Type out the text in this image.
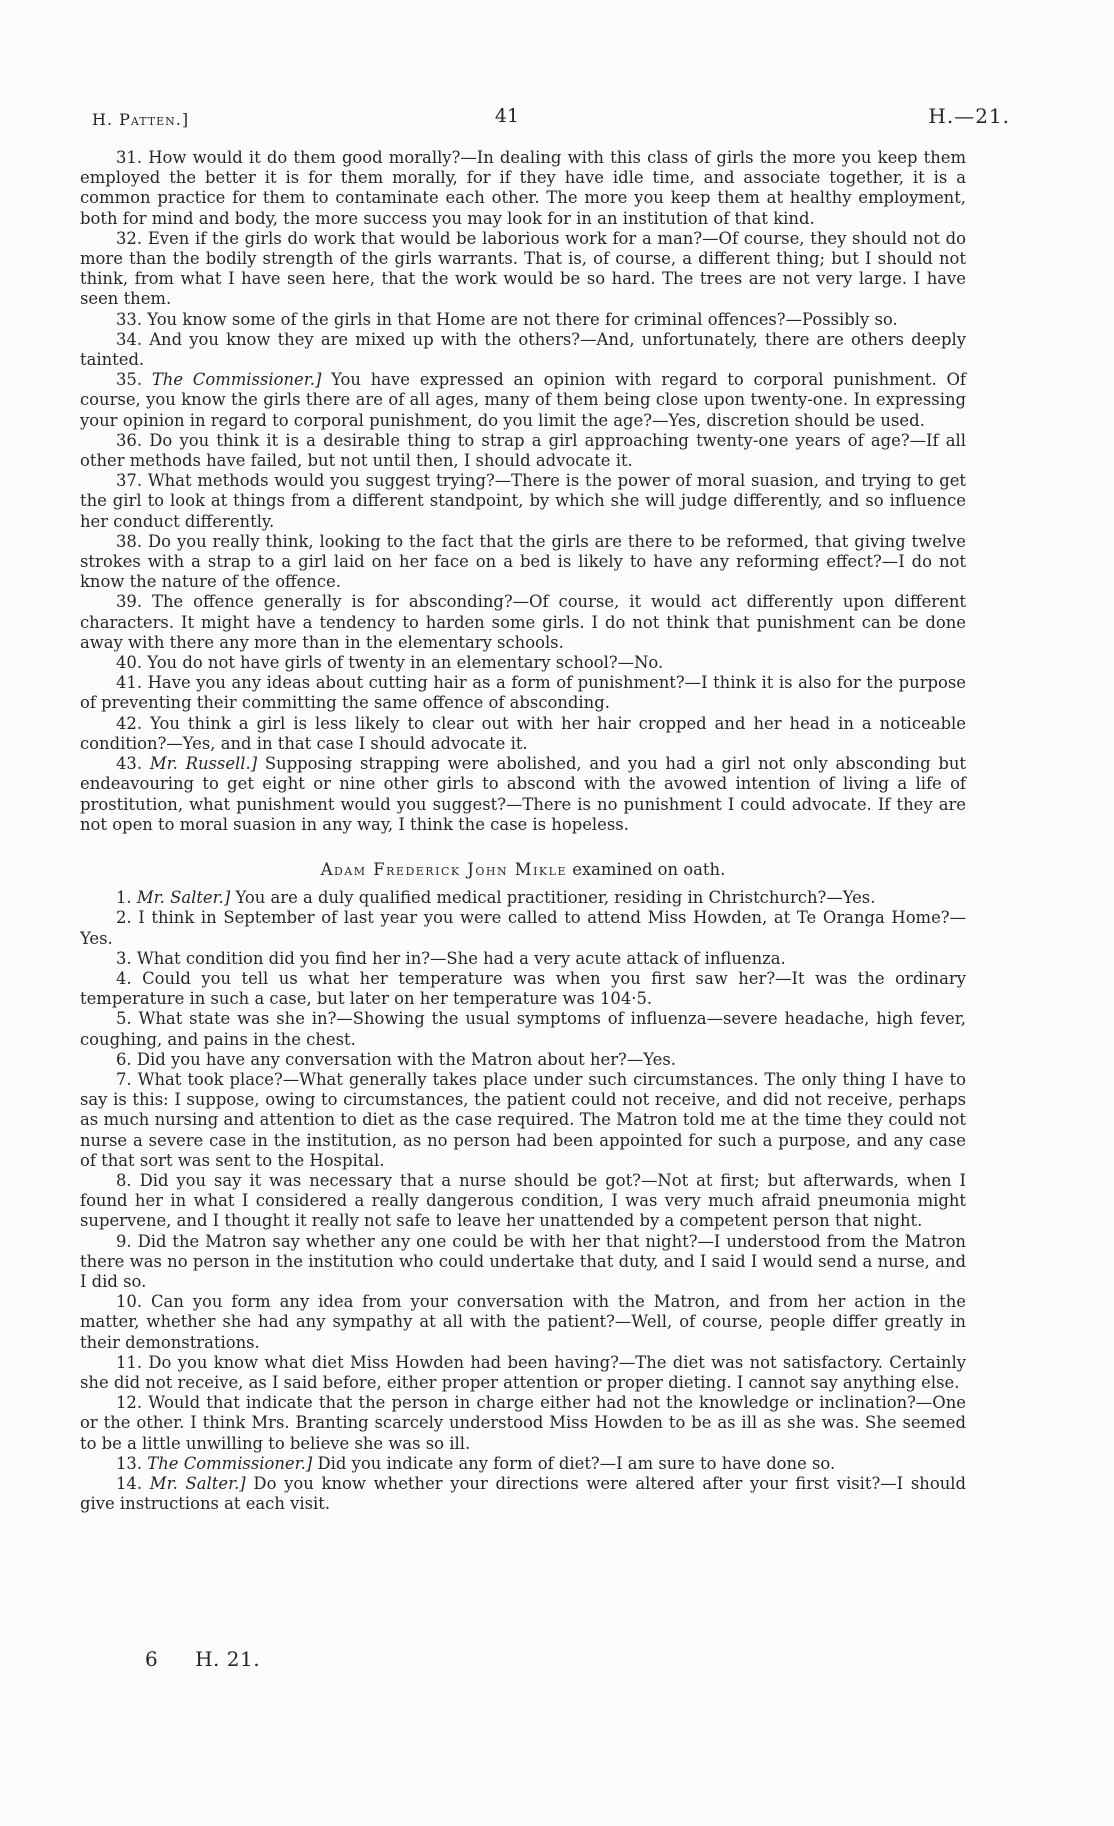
H. Patten.]	41	H.—21.

31. How would it do them good morally?—In dealing with this class of girls the more you keep them employed the better it is for them morally, for if they have idle time, and associate together, it is a common practice for them to contaminate each other. The more you keep them at healthy employment, both for mind and body, the more success you may look for in an institution of that kind.

32. Even if the girls do work that would be laborious work for a man?—Of course, they should not do more than the bodily strength of the girls warrants. That is, of course, a different thing; but I should not think, from what I have seen here, that the work would be so hard. The trees are not very large. I have seen them.

33. You know some of the girls in that Home are not there for criminal offences?—Possibly so.

34. And you know they are mixed up with the others?—And, unfortunately, there are others deeply tainted.

35. The Commissioner.] You have expressed an opinion with regard to corporal punishment. Of course, you know the girls there are of all ages, many of them being close upon twenty-one. In expressing your opinion in regard to corporal punishment, do you limit the age?—Yes, discretion should be used.

36. Do you think it is a desirable thing to strap a girl approaching twenty-one years of age?—If all other methods have failed, but not until then, I should advocate it.

37. What methods would you suggest trying?—There is the power of moral suasion, and trying to get the girl to look at things from a different standpoint, by which she will judge differently, and so influence her conduct differently.

38. Do you really think, looking to the fact that the girls are there to be reformed, that giving twelve strokes with a strap to a girl laid on her face on a bed is likely to have any reforming effect?—I do not know the nature of the offence.

39. The offence generally is for absconding?—Of course, it would act differently upon different characters. It might have a tendency to harden some girls. I do not think that punishment can be done away with there any more than in the elementary schools.

40. You do not have girls of twenty in an elementary school?—No.

41. Have you any ideas about cutting hair as a form of punishment?—I think it is also for the purpose of preventing their committing the same offence of absconding.

42. You think a girl is less likely to clear out with her hair cropped and her head in a noticeable condition?—Yes, and in that case I should advocate it.

43. Mr. Russell.] Supposing strapping were abolished, and you had a girl not only absconding but endeavouring to get eight or nine other girls to abscond with the avowed intention of living a life of prostitution, what punishment would you suggest?—There is no punishment I could advocate. If they are not open to moral suasion in any way, I think the case is hopeless.

Adam Frederick John Mikle examined on oath.

1. Mr. Salter.] You are a duly qualified medical practitioner, residing in Christchurch?—Yes.

2. I think in September of last year you were called to attend Miss Howden, at Te Oranga Home?—Yes.

3. What condition did you find her in?—She had a very acute attack of influenza.

4. Could you tell us what her temperature was when you first saw her?—It was the ordinary temperature in such a case, but later on her temperature was 104·5.

5. What state was she in?—Showing the usual symptoms of influenza—severe headache, high fever, coughing, and pains in the chest.

6. Did you have any conversation with the Matron about her?—Yes.

7. What took place?—What generally takes place under such circumstances. The only thing I have to say is this: I suppose, owing to circumstances, the patient could not receive, and did not receive, perhaps as much nursing and attention to diet as the case required. The Matron told me at the time they could not nurse a severe case in the institution, as no person had been appointed for such a purpose, and any case of that sort was sent to the Hospital.

8. Did you say it was necessary that a nurse should be got?—Not at first; but afterwards, when I found her in what I considered a really dangerous condition, I was very much afraid pneumonia might supervene, and I thought it really not safe to leave her unattended by a competent person that night.

9. Did the Matron say whether any one could be with her that night?—I understood from the Matron there was no person in the institution who could undertake that duty, and I said I would send a nurse, and I did so.

10. Can you form any idea from your conversation with the Matron, and from her action in the matter, whether she had any sympathy at all with the patient?—Well, of course, people differ greatly in their demonstrations.

11. Do you know what diet Miss Howden had been having?—The diet was not satisfactory. Certainly she did not receive, as I said before, either proper attention or proper dieting. I cannot say anything else.

12. Would that indicate that the person in charge either had not the knowledge or inclination?—One or the other. I think Mrs. Branting scarcely understood Miss Howden to be as ill as she was. She seemed to be a little unwilling to believe she was so ill.

13. The Commissioner.] Did you indicate any form of diet?—I am sure to have done so.

14. Mr. Salter.] Do you know whether your directions were altered after your first visit?—I should give instructions at each visit.

6 H. 21.
